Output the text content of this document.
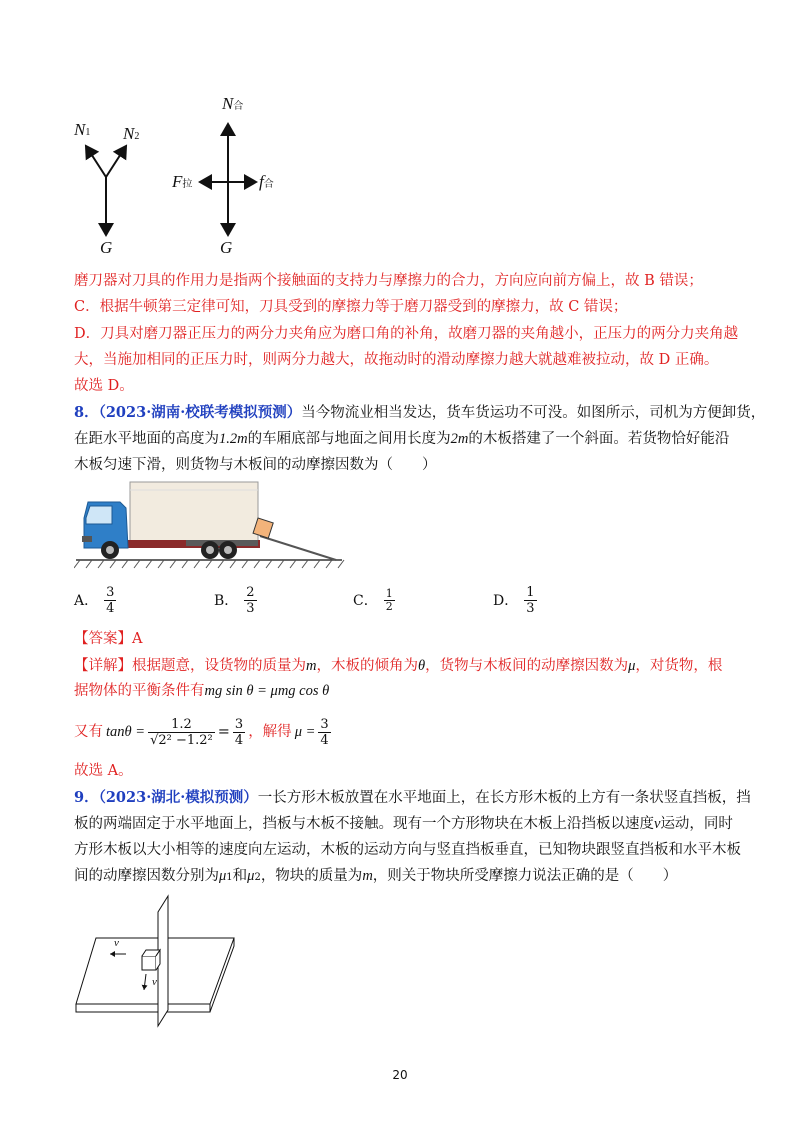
N1 N2
G
N合
F拉	f合
G
磨刀器对刀具的作用力是指两个接触面的支持力与摩擦力的合力，方向应向前方偏上，故 B 错误；
C．根据牛顿第三定律可知，刀具受到的摩擦力等于磨刀器受到的摩擦力，故 C 错误；
D．刀具对磨刀器正压力的两分力夹角应为磨口角的补角，故磨刀器的夹角越小，正压力的两分力夹角越
大，当施加相同的正压力时，则两分力越大，故拖动时的滑动摩擦力越大就越难被拉动，故 D 正确。
故选 D。
8．（2023·湖南·校联考模拟预测）当今物流业相当发达，货车货运功不可没。如图所示，司机为方便卸货，
在距水平地面的高度为1.2m的车厢底部与地面之间用长度为2m的木板搭建了一个斜面。若货物恰好能沿
木板匀速下滑，则货物与木板间的动摩擦因数为（　　）
A． $\frac{3}{4}$	B． $\frac{2}{3}$	C． $\frac{1}{2}$	D． $\frac{1}{3}$
【答案】A
【详解】根据题意，设货物的质量为m，木板的倾角为θ，货物与木板间的动摩擦因数为μ，对货物，根
据物体的平衡条件有mg sin θ = μmg cos θ
又有 $\tan\theta = \frac{1.2}{\text{√2² −1.2²}} = \frac{3}{4}$ ，解得 $\mu = \frac{3}{4}$
故选 A。
9．（2023·湖北·模拟预测）一长方形木板放置在水平地面上，在长方形木板的上方有一条状竖直挡板，挡
板的两端固定于水平地面上，挡板与木板不接触。现有一个方形物块在木板上沿挡板以速度v运动，同时
方形木板以大小相等的速度向左运动，木板的运动方向与竖直挡板垂直，已知物块跟竖直挡板和水平木板
间的动摩擦因数分别为μ1和μ2，物块的质量为m，则关于物块所受摩擦力说法正确的是（　　）
v
v
20
